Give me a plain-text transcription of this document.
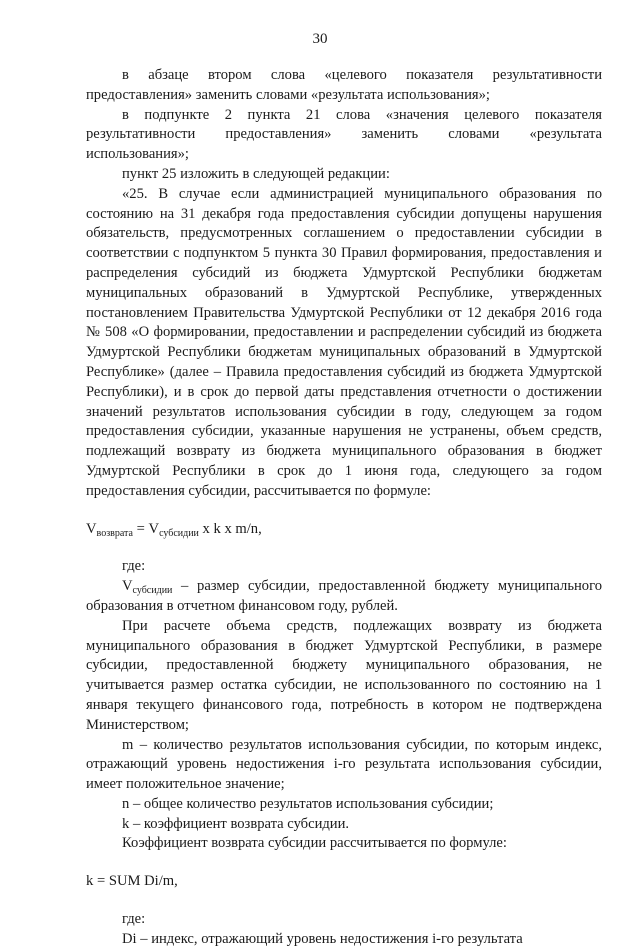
30

в абзаце втором слова «целевого показателя результативности предоставления» заменить словами «результата использования»;

в подпункте 2 пункта 21 слова «значения целевого показателя результативности предоставления» заменить словами «результата использования»;

пункт 25 изложить в следующей редакции:

«25. В случае если администрацией муниципального образования по состоянию на 31 декабря года предоставления субсидии допущены нарушения обязательств, предусмотренных соглашением о предоставлении субсидии в соответствии с подпунктом 5 пункта 30 Правил формирования, предоставления и распределения субсидий из бюджета Удмуртской Республики бюджетам муниципальных образований в Удмуртской Республике, утвержденных постановлением Правительства Удмуртской Республики от 12 декабря 2016 года № 508 «О формировании, предоставлении и распределении субсидий из бюджета Удмуртской Республики бюджетам муниципальных образований в Удмуртской Республике» (далее – Правила предоставления субсидий из бюджета Удмуртской Республики), и в срок до первой даты представления отчетности о достижении значений результатов использования субсидии в году, следующем за годом предоставления субсидии, указанные нарушения не устранены, объем средств, подлежащий возврату из бюджета муниципального образования в бюджет Удмуртской Республики в срок до 1 июня года, следующего за годом предоставления субсидии, рассчитывается по формуле:

$V_{возврата} = V_{субсидии}$ x k x m/n,

где:

$V_{субсидии}$ – размер субсидии, предоставленной бюджету муниципального образования в отчетном финансовом году, рублей.

При расчете объема средств, подлежащих возврату из бюджета муниципального образования в бюджет Удмуртской Республики, в размере субсидии, предоставленной бюджету муниципального образования, не учитывается размер остатка субсидии, не использованного по состоянию на 1 января текущего финансового года, потребность в котором не подтверждена Министерством;

m – количество результатов использования субсидии, по которым индекс, отражающий уровень недостижения i-го результата использования субсидии, имеет положительное значение;

n – общее количество результатов использования субсидии;

k – коэффициент возврата субсидии.

Коэффициент возврата субсидии рассчитывается по формуле:

k = SUM Di/m,

где:

Di – индекс, отражающий уровень недостижения i-го результата
